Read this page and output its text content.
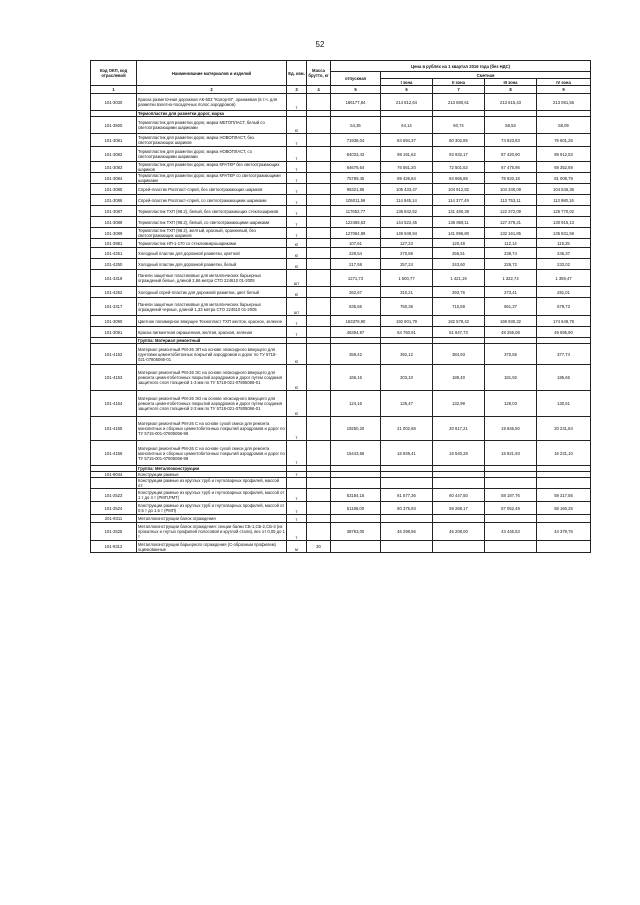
52
Код ОКП, код отраслевой	Наименование материалов и изделий	Ед. изм.	Масса брутто, кг	Цена в рублях на 1 квартал 2016 года (без НДС)				
				отпускная	Сметная			
					I зона	II зона	III зона	IV зона
1	2	3	4	5	6	7	8	9
101-3030	Краска разметочная дорожная АК-503 "Колор-М", оранжевая (в т.ч. для разметки взлетно-посадочных полос аэродромов)	т		186177,84	214 812,64	213 680,61	213 615,43	213 081,55
	Термопластик для разметки дорог, марка							
101-3500	Термопластик для разметки дорог, марка МЕГОПЛАСТ, белый со светоотражающими шариками	кг		54,35	64,14	60,74	58,53	58,09
101-3081	Термопластик для разметки дорог, марка НОВОПЛАСТ, без светоотражающих шариков	т		71938,04	84 694,37	80 302,85	74 823,83	76 601,26
101-3082	Термопластик для разметки дорог, марка НОВОПЛАСТ, со светоотражающими шариками	т		84033,43	98 191,62	93 932,17	87 420,90	89 912,53
101-3083	Термопластик для разметки дорог, марка КРАТЕР без светоотражающих шариков	т		64676,64	76 561,20	72 501,52	67 475,96	69 352,69
101-3084	Термопластик для разметки дорог, марка КРАТЕР со светоотражающими шариками	т		75789,45	89 426,84	84 666,86	78 820,18	81 008,79
101-3085	Спрей-пластик Росппаст-спрей, без светоотражающих шариков	т		96321,95	105 433,47	104 912,82	104 340,09	104 546,36
101-3086	Спрей-пластик Росппаст-спрей, со светоотражающими шариками	т		105011,59	114 945,14	114 377,49	113 753,11	113 980,16
101-3087	Термопластик ТХП (98.2), белый, без светоотражающих стеклошариков	т		117652,77	138 842,52	131 480,38	122 372,09	125 770,02
101-3088	Термопластик ТХП (98.2), белый, со светоотражающими шариками	т		122465,63	144 522,45	136 859,11	127 378,21	130 915,13
101-3089	Термопластик ТХП (98.2), желтый, красный, оранжевый, без светоотражающих шариков	т		127064,99	149 949,94	141 996,80	132 161,85	135 831,58
101-3981	Термопластик НП-1-170 со стекломикрошариками	кг		107,61	127,23	120,48	112,14	115,25
101-4251	Холодный пластик для дорожной разметки, цветной	кг		229,54	270,88	256,51	238,74	245,37
101-4250	Холодный пластик для дорожной разметки, белый	кг		217,59	257,24	243,60	226,72	233,02
101-3318	Панели защитные пластиковые для металлических барьерных ограждений белые, длиной 2,66 метра СТО 224610 01-2005	шт		1271,73	1 500,77	1 421,19	1 322,74	1 359,47
101-4252	Холодный спрей-пластик для дорожной разметки, цвет белый	кг		262,67	310,21	293,76	273,41	281,01
101-3317	Панели защитные пластиковые для металлических барьерных ограждений черные, длиной 1,33 метра СТО 224610 01-2005	шт		635,66	750,36	710,59	661,37	679,73
101-3090	Цветное полимерное вяжущее Технопласт ТХП желтое, красное, зеленое	т		163376,90	192 601,79	182 578,42	169 930,32	174 648,78
101-3091	Краска пигментная окрашенная, желтая, красная, зеленая	т		46394,97	54 750,91	51 847,73	48 255,08	49 595,90
	Группа: Материал ремонтный							
101-4152	Материал ремонтный РМ-26 ЭП на основе эпоксидного вяжущего для грунтовки цементобетонных покрытий аэродромов и дорог по ТУ 5718-021-07805066-01	кг		359,42	392,12	384,93	370,55	377,74
101-4153	Материал ремонтный РМ-26 ЭС на основе эпоксидного вяжущего для ремонта цементобетонных покрытий аэродромов и дорог путем создания защитного слоя толщиной 1-3 мм по ТУ 5718-021-07805066-01	кг		166,16	203,10	189,40	181,92	185,66
101-4154	Материал ремонтный РМ-26 ЭО на основе эпоксидного вяжущего для ремонта цементобетонных покрытий аэродромов и дорог путем создания защитного слоя толщиной 2-3 мм по ТУ 5718-021-07805066-01	кг		124,16	135,47	132,99	128,03	130,51
101-4155	Материал ремонтный РМ-26 С на основе сухой смеси для ремонта монолитных и сборных цементобетонных покрытий аэродромов и дорог по ТУ 5715-001-07805066-98	т		19250,20	21 002,68	20 617,21	19 846,50	20 231,84
101-4156	Материал ремонтный РМ-26 С на основе сухой смеси для ремонта монолитных и сборных цементобетонных покрытий аэродромов и дорог по ТУ 5715-001-07805066-98	т		15443,56	16 849,41	16 540,28	15 921,93	16 231,10
	Группа: Металлоконструкции							
101-9044	Конструкции рамные	т						
	Конструкции рамные из круглых труб и гнутосварных профилей, массой от:							
101-2523	Конструкции рамные из круглых труб и гнутосварных профилей, массой от 1 т до 4 т (РМП,РМТ)	т		53184,16	61 577,36	60 447,50	58 187,76	59 317,56
101-2524	Конструкции рамные из круглых труб и гнутосварных профилей, массой от 0,5 т до 1,5 т (РМП)	т		51166,00	60 375,93	59 268,17	57 052,49	58 160,25
201-9311	Металлоконструкции балок ограждения	т						
101-2525	Металлоконструкции балок ограждения: секции балки СБ-1,СБ-2,СБ-3 (из прокатных и гнутых профилей полосовой и круглой стали), вес от 0,05 до 1 т	т		38763,00	46 298,56	45 208,00	43 445,53	44 379,76
101-9312	Металлоконструкции барьерного ограждения (С-образным профилем) оцинкованные	м	30					
